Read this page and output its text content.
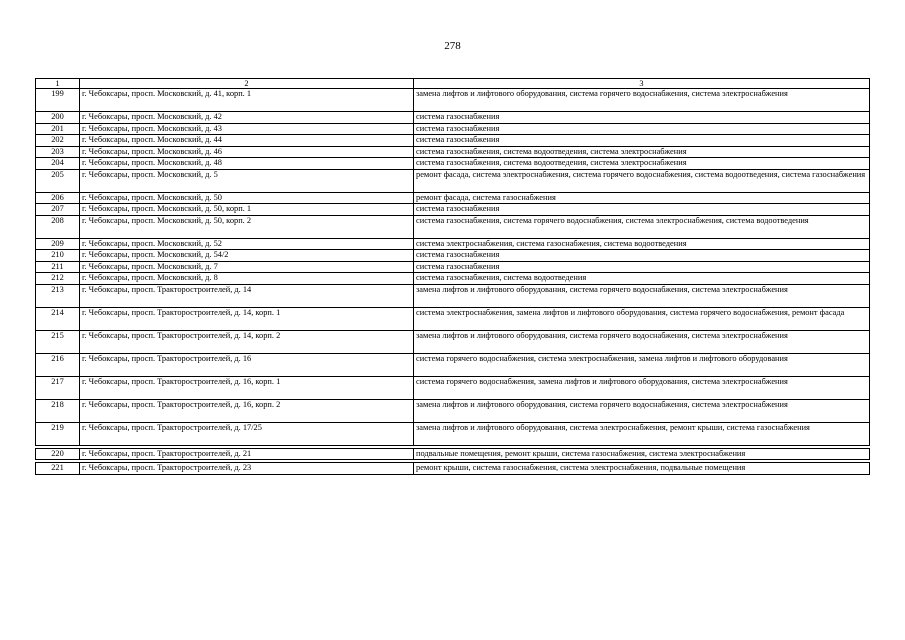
278
1	2	3
199	г. Чебоксары, просп. Московский, д. 41, корп. 1	замена лифтов и лифтового оборудования, система горячего водоснабжения, система электроснабжения
200	г. Чебоксары, просп. Московский, д. 42	система газоснабжения
201	г. Чебоксары, просп. Московский, д. 43	система газоснабжения
202	г. Чебоксары, просп. Московский, д. 44	система газоснабжения
203	г. Чебоксары, просп. Московский, д. 46	система газоснабжения, система водоотведения, система электроснабжения
204	г. Чебоксары, просп. Московский, д. 48	система газоснабжения, система водоотведения, система электроснабжения
205	г. Чебоксары, просп. Московский, д. 5	ремонт фасада, система электроснабжения, система горячего водоснабжения, система водоотведения, система газоснабжения
206	г. Чебоксары, просп. Московский, д. 50	ремонт фасада, система газоснабжения
207	г. Чебоксары, просп. Московский, д. 50, корп. 1	система газоснабжения
208	г. Чебоксары, просп. Московский, д. 50, корп. 2	система газоснабжения, система горячего водоснабжения, система электроснабжения, система водоотведения
209	г. Чебоксары, просп. Московский, д. 52	система электроснабжения, система газоснабжения, система водоотведения
210	г. Чебоксары, просп. Московский, д. 54/2	система газоснабжения
211	г. Чебоксары, просп. Московский, д. 7	система газоснабжения
212	г. Чебоксары, просп. Московский, д. 8	система газоснабжения, система водоотведения
213	г. Чебоксары, просп. Тракторостроителей, д. 14	замена лифтов и лифтового оборудования, система горячего водоснабжения, система электроснабжения
214	г. Чебоксары, просп. Тракторостроителей, д. 14, корп. 1	система электроснабжения, замена лифтов и лифтового оборудования, система горячего водоснабжения, ремонт фасада
215	г. Чебоксары, просп. Тракторостроителей, д. 14, корп. 2	замена лифтов и лифтового оборудования, система горячего водоснабжения, система электроснабжения
216	г. Чебоксары, просп. Тракторостроителей, д. 16	система горячего водоснабжения, система электроснабжения, замена лифтов и лифтового оборудования
217	г. Чебоксары, просп. Тракторостроителей, д. 16, корп. 1	система горячего водоснабжения, замена лифтов и лифтового оборудования, система электроснабжения
218	г. Чебоксары, просп. Тракторостроителей, д. 16, корп. 2	замена лифтов и лифтового оборудования, система горячего водоснабжения, система электроснабжения
219	г. Чебоксары, просп. Тракторостроителей, д. 17/25	замена лифтов и лифтового оборудования, система электроснабжения, ремонт крыши, система газоснабжения

220	г. Чебоксары, просп. Тракторостроителей, д. 21	подвальные помещения, ремонт крыши, система газоснабжения, система электроснабжения

221	г. Чебоксары, просп. Тракторостроителей, д. 23	ремонт крыши, система газоснабжения, система электроснабжения, подвальные помещения
